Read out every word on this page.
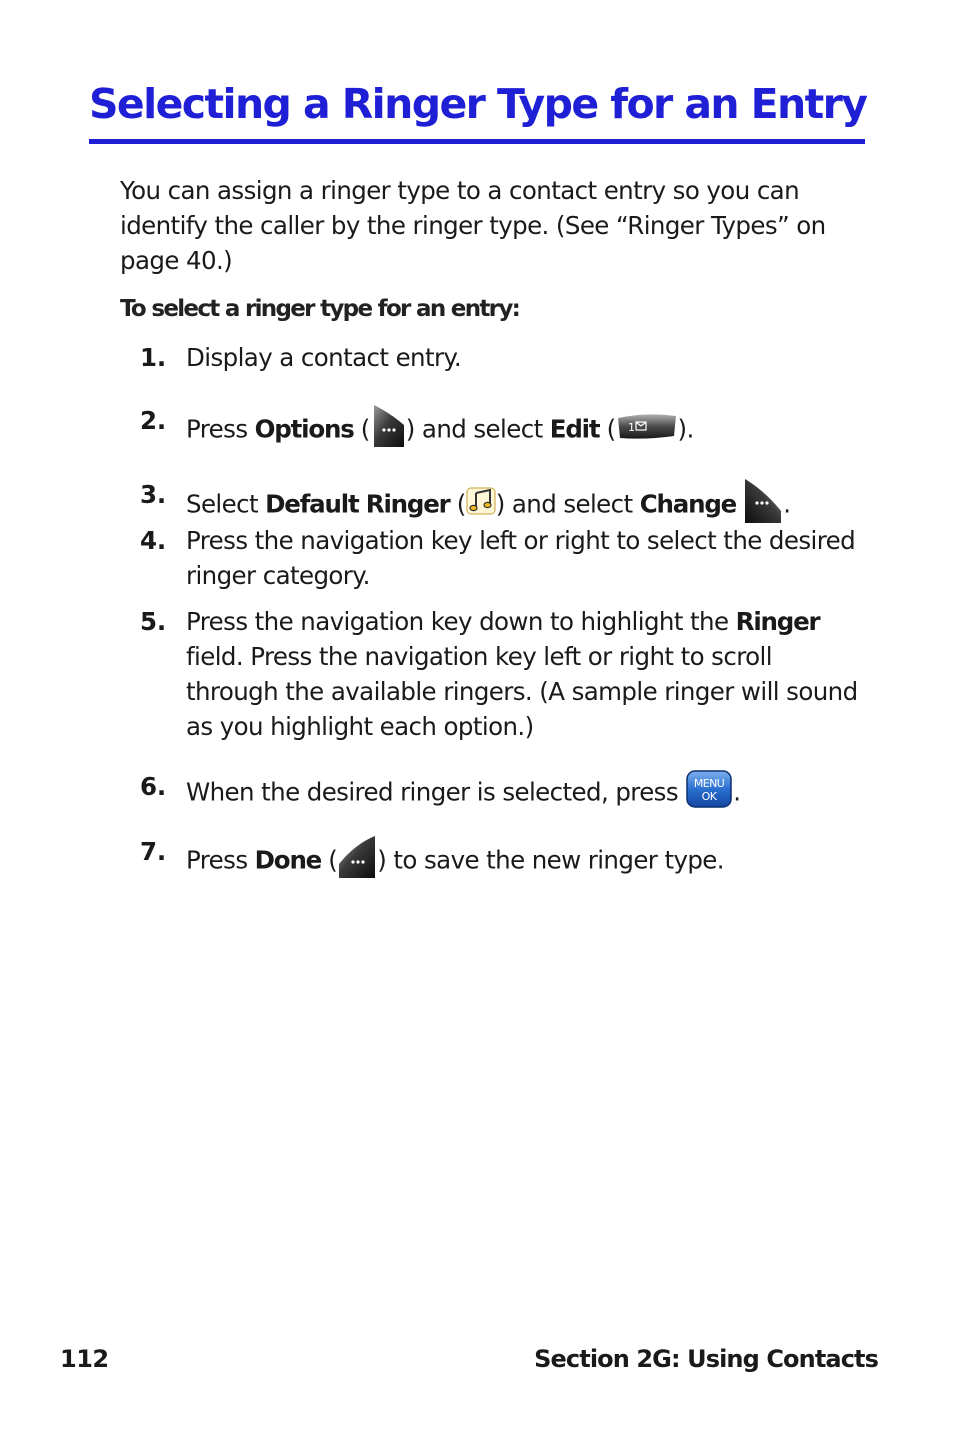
Selecting a Ringer Type for an Entry

You can assign a ringer type to a contact entry so you can identify the caller by the ringer type. (See “Ringer Types” on page 40.)

To select a ringer type for an entry:

1. Display a contact entry.
2. Press Options ( ) and select Edit ( 1 ).
3. Select Default Ringer ( ) and select Change .
4. Press the navigation key left or right to select the desired ringer category.
5. Press the navigation key down to highlight the Ringer field. Press the navigation key left or right to scroll through the available ringers. (A sample ringer will sound as you highlight each option.)
6. When the desired ringer is selected, press MENU
OK .
7. Press Done ( ) to save the new ringer type.
112	Section 2G: Using Contacts
